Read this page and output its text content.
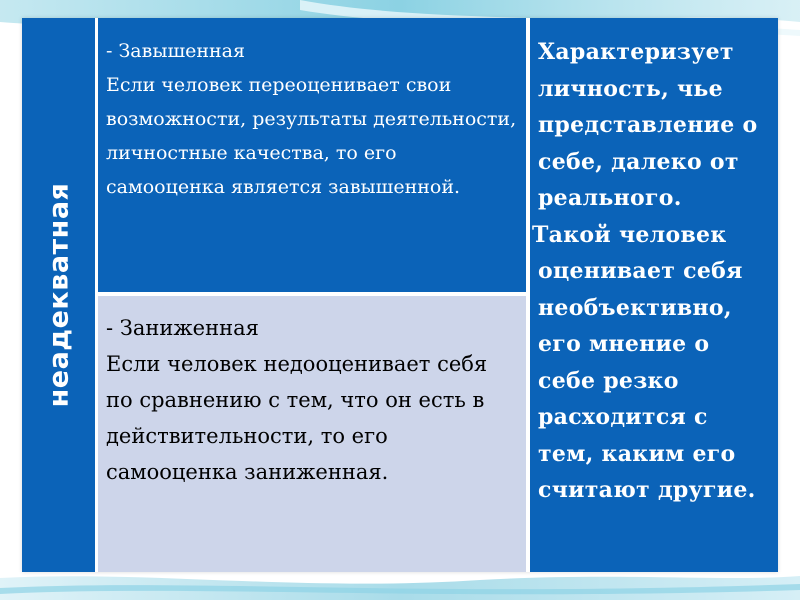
неадекватная

- Завышенная

Если человек переоценивает свои возможности, результаты деятельности, личностные качества, то его самооценка является завышенной.

- Заниженная

Если человек недооценивает себя по сравнению с тем, что он есть в действительности, то его самооценка заниженная.

Характеризует личность, чье представление о себе, далеко от реального.

Такой человек оценивает себя необъективно, его мнение о себе резко расходится с тем, каким его считают другие.
